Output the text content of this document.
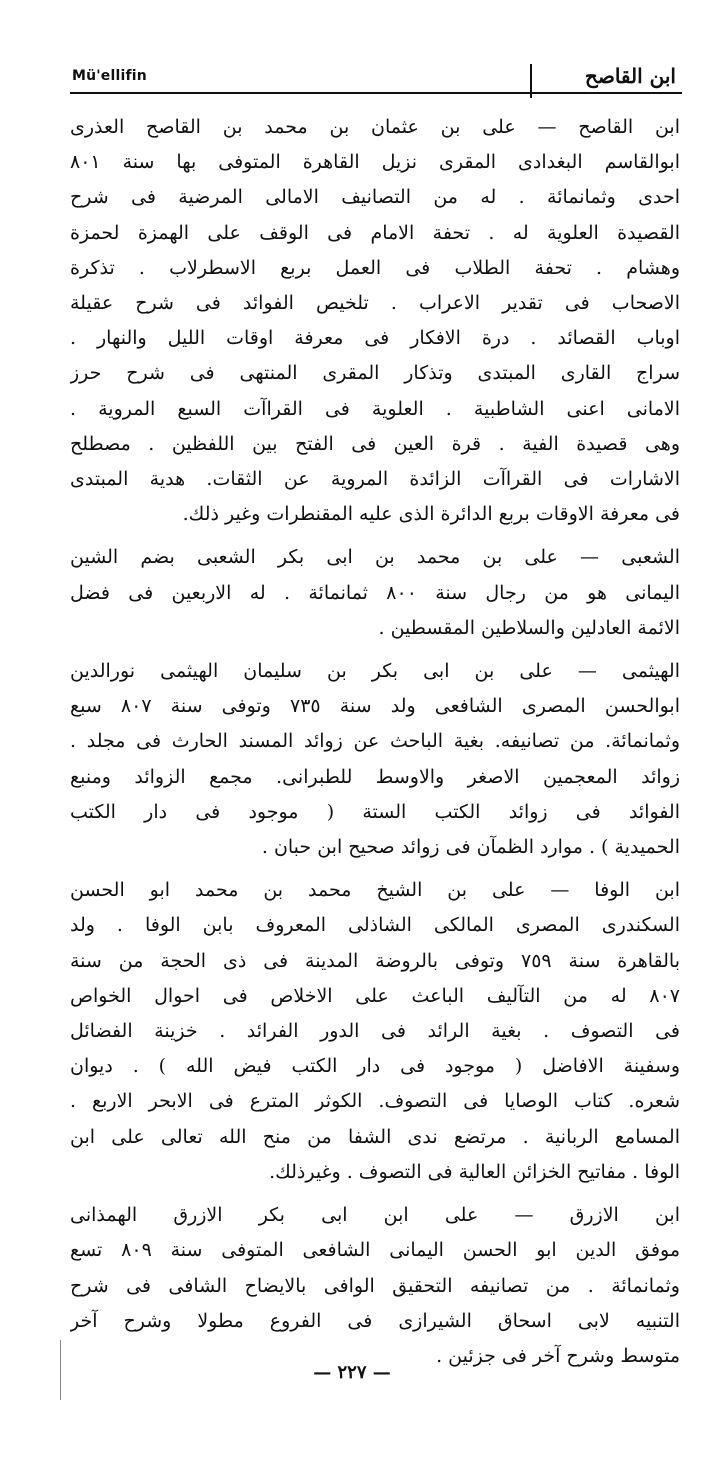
Mü'ellifin	ابن القاصح
ابن القاصح — على بن عثمان بن محمد بن القاصح العذرى
ابوالقاسم البغدادى المقرى نزيل القاهرة المتوفى بها سنة ٨٠١
احدى وثمانمائة . له من التصانيف الامالى المرضية فى شرح
القصيدة العلوية له . تحفة الامام فى الوقف على الهمزة لحمزة
وهشام . تحفة الطلاب فى العمل بربع الاسطرلاب . تذكرة
الاصحاب فى تقدير الاعراب . تلخيص الفوائد فى شرح عقيلة
اوباب القصائد . درة الافكار فى معرفة اوقات الليل والنهار .
سراج القارى المبتدى وتذكار المقرى المنتهى فى شرح حرز
الامانى اعنى الشاطبية . العلوية فى القراآت السبع المروية .
وهى قصيدة الفية . قرة العين فى الفتح بين اللفظين . مصطلح
الاشارات فى القراآت الزائدة المروية عن الثقات. هدية المبتدى
فى معرفة الاوقات بربع الدائرة الذى عليه المقنطرات وغير ذلك.
الشعبى — على بن محمد بن ابى بكر الشعبى بضم الشين
اليمانى هو من رجال سنة ٨٠٠ ثمانمائة . له الاربعين فى فضل
الائمة العادلين والسلاطين المقسطين .
الهيثمى — على بن ابى بكر بن سليمان الهيثمى نورالدين
ابوالحسن المصرى الشافعى ولد سنة ٧٣٥ وتوفى سنة ٨٠٧ سبع
وثمانمائة. من تصانيفه. بغية الباحث عن زوائد المسند الحارث فى مجلد .
زوائد المعجمين الاصغر والاوسط للطبرانى. مجمع الزوائد ومنبع
الفوائد فى زوائد الكتب الستة ( موجود فى دار الكتب
الحميدية ) . موارد الظمآن فى زوائد صحيح ابن حبان .
ابن الوفا — على بن الشيخ محمد بن محمد ابو الحسن
السكندرى المصرى المالكى الشاذلى المعروف بابن الوفا . ولد
بالقاهرة سنة ٧٥٩ وتوفى بالروضة المدينة فى ذى الحجة من سنة
٨٠٧ له من التآليف الباعث على الاخلاص فى احوال الخواص
فى التصوف . بغية الرائد فى الدور الفرائد . خزينة الفضائل
وسفينة الافاضل ( موجود فى دار الكتب فيض الله ) . ديوان
شعره. كتاب الوصايا فى التصوف. الكوثر المترع فى الابحر الاربع .
المسامع الربانية . مرتضع ندى الشفا من منح الله تعالى على ابن
الوفا . مفاتيح الخزائن العالية فى التصوف . وغيرذلك.
ابن الازرق — على ابن ابى بكر الازرق الهمذانى
موفق الدين ابو الحسن اليمانى الشافعى المتوفى سنة ٨٠٩ تسع
وثمانمائة . من تصانيفه التحقيق الوافى بالايضاح الشافى فى شرح
التنبيه لابى اسحاق الشيرازى فى الفروع مطولا وشرح آخر
متوسط وشرح آخر فى جزئين .
— ٢٢٧ —
